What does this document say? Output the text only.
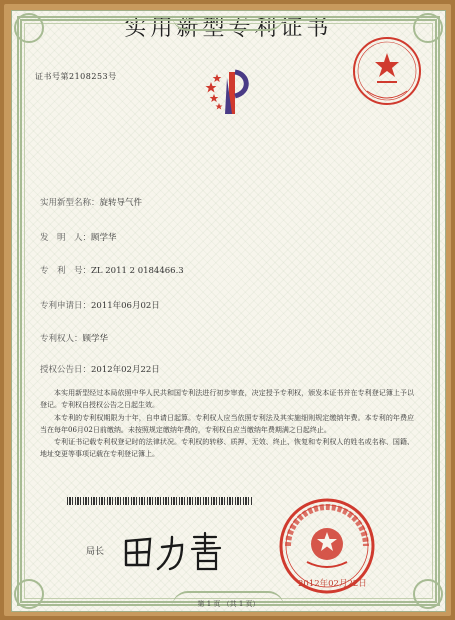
证书号第2108253号
实用新型专利证书
实用新型名称：旋转导气件
发　明　人：顾学华
专　利　号：ZL 2011 2 0184466.3
专利申请日：2011年06月02日
专利权人：顾学华
授权公告日：2012年02月22日

本实用新型经过本局依照中华人民共和国专利法进行初步审查，决定授予专利权，颁发本证书并在专利登记簿上予以登记。专利权自授权公告之日起生效。

本专利的专利权期限为十年，自申请日起算。专利权人应当依照专利法及其实施细则规定缴纳年费。本专利的年费应当在每年06月02日前缴纳。未按照规定缴纳年费的，专利权自应当缴纳年费期满之日起终止。

专利证书记载专利权登记时的法律状况。专利权的转移、质押、无效、终止、恢复和专利权人的姓名或名称、国籍、地址变更等事项记载在专利登记簿上。

局长
2012年02月22日
第 1 页 （共 1 页）
